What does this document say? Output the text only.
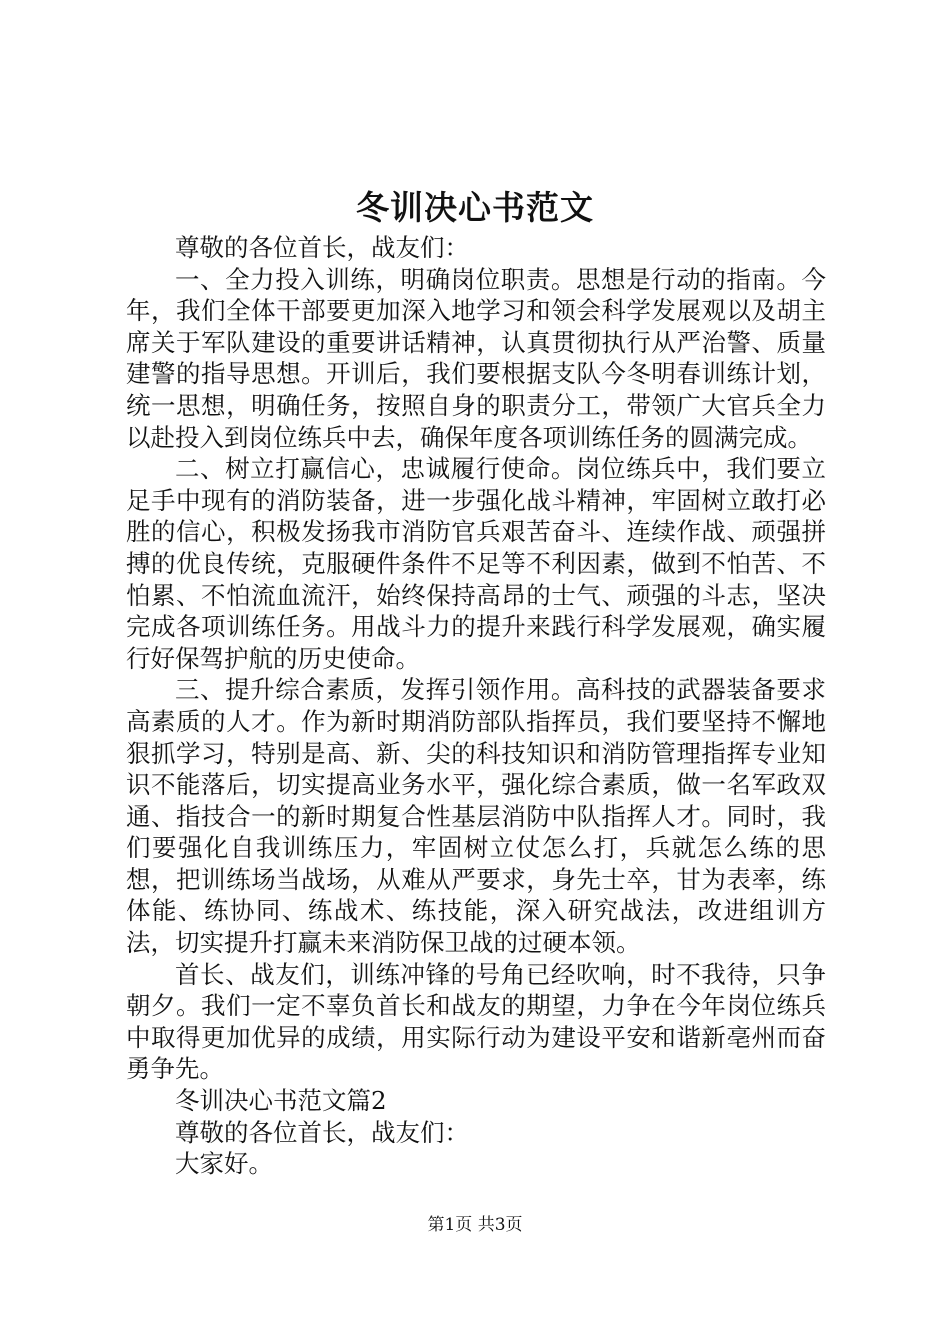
冬训决心书范文

尊敬的各位首长，战友们：

一、全力投入训练，明确岗位职责。思想是行动的指南。今年，我们全体干部要更加深入地学习和领会科学发展观以及胡主席关于军队建设的重要讲话精神，认真贯彻执行从严治警、质量建警的指导思想。开训后，我们要根据支队今冬明春训练计划，统一思想，明确任务，按照自身的职责分工，带领广大官兵全力以赴投入到岗位练兵中去，确保年度各项训练任务的圆满完成。

二、树立打赢信心，忠诚履行使命。岗位练兵中，我们要立足手中现有的消防装备，进一步强化战斗精神，牢固树立敢打必胜的信心，积极发扬我市消防官兵艰苦奋斗、连续作战、顽强拼搏的优良传统，克服硬件条件不足等不利因素，做到不怕苦、不怕累、不怕流血流汗，始终保持高昂的士气、顽强的斗志，坚决完成各项训练任务。用战斗力的提升来践行科学发展观，确实履行好保驾护航的历史使命。

三、提升综合素质，发挥引领作用。高科技的武器装备要求高素质的人才。作为新时期消防部队指挥员，我们要坚持不懈地狠抓学习，特别是高、新、尖的科技知识和消防管理指挥专业知识不能落后，切实提高业务水平，强化综合素质，做一名军政双通、指技合一的新时期复合性基层消防中队指挥人才。同时，我们要强化自我训练压力，牢固树立仗怎么打，兵就怎么练的思想，把训练场当战场，从难从严要求，身先士卒，甘为表率，练体能、练协同、练战术、练技能，深入研究战法，改进组训方法，切实提升打赢未来消防保卫战的过硬本领。

首长、战友们，训练冲锋的号角已经吹响，时不我待，只争朝夕。我们一定不辜负首长和战友的期望，力争在今年岗位练兵中取得更加优异的成绩，用实际行动为建设平安和谐新亳州而奋勇争先。

冬训决心书范文篇2

尊敬的各位首长，战友们：

大家好。

第1页 共3页
